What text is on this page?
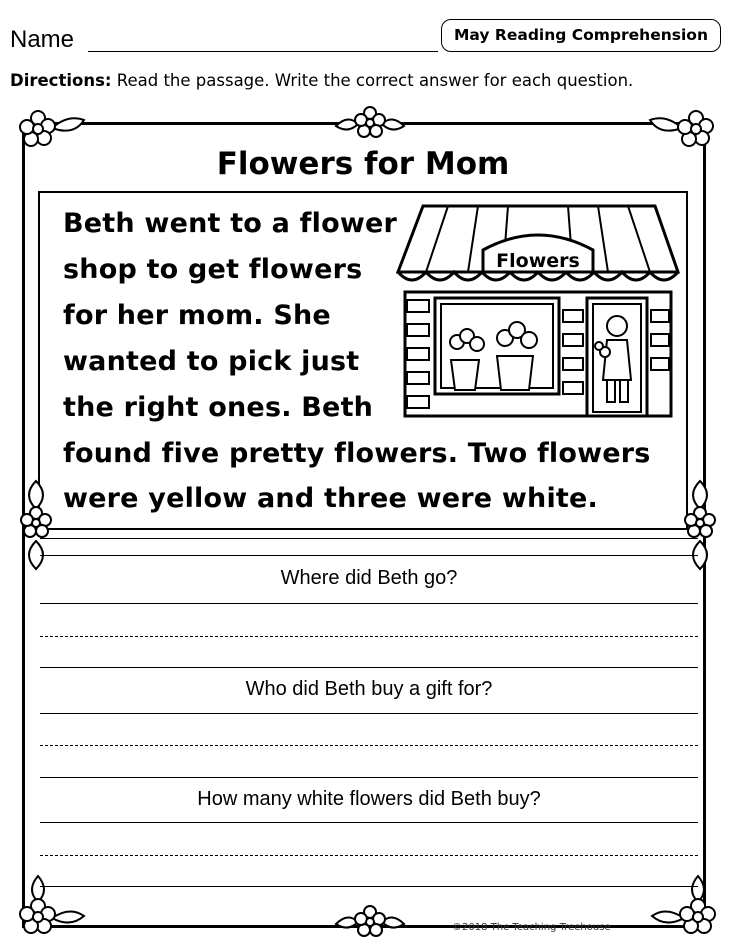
Name	May Reading Comprehension
Directions: Read the passage. Write the correct answer for each question.
Flowers for Mom
Beth went to a flower
shop to get flowers
for her mom. She
wanted to pick just
the right ones. Beth
found five pretty flowers. Two flowers
were yellow and three were white.
Flowers
Where did Beth go?
Who did Beth buy a gift for?
How many white flowers did Beth buy?
©2018 The Teaching Treehouse
